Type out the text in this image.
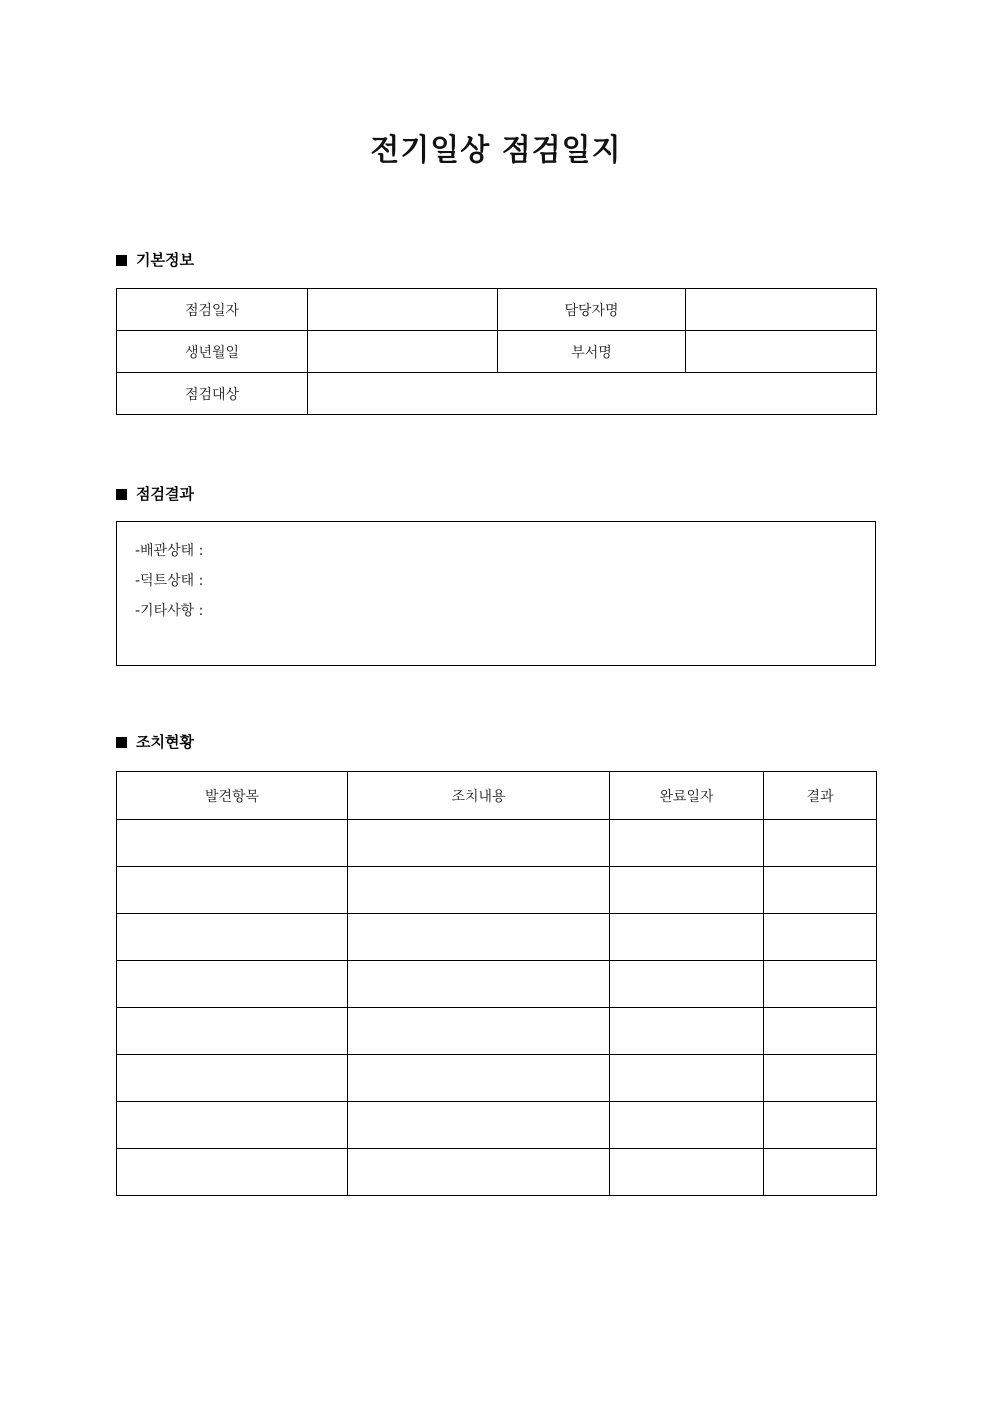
전기일상 점검일지
기본정보
점검일자		담당자명	
생년월일		부서명	
점검대상			
점검결과
-배관상태 :
-덕트상태 :
-기타사항 :
조치현황
발견항목	조치내용	완료일자	결과
